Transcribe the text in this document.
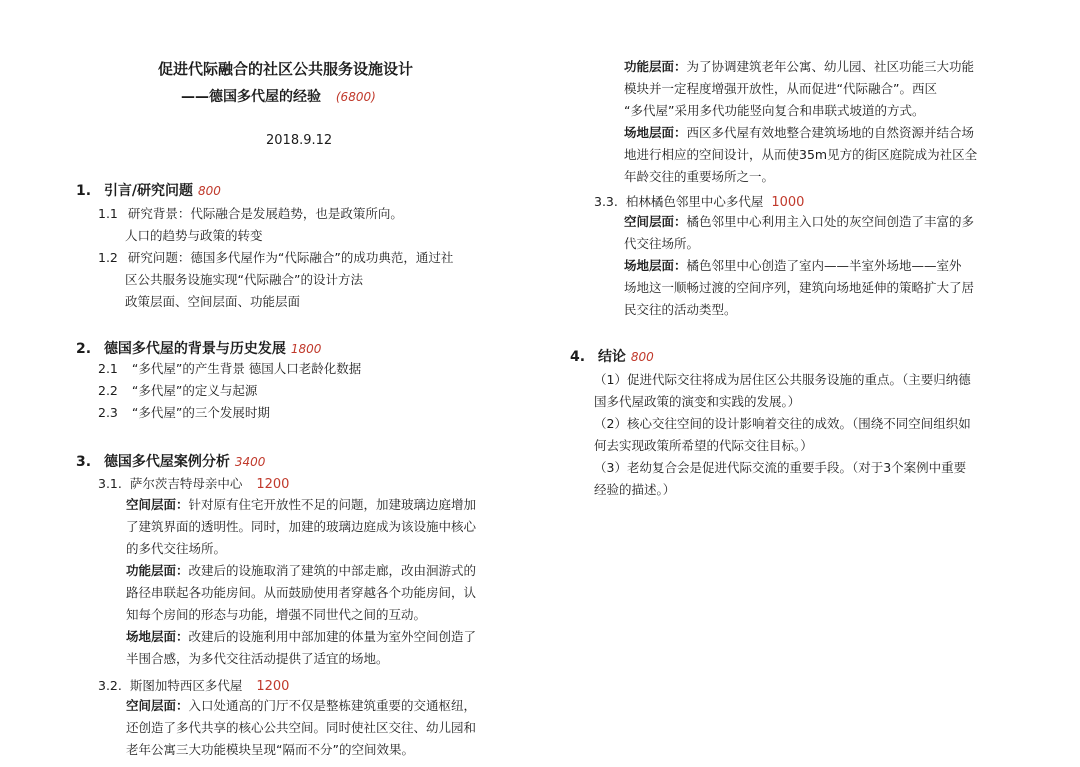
促进代际融合的社区公共服务设施设计
——德国多代屋的经验 (6800)
2018.9.12
1. 引言/研究问题 800
1.1 研究背景：代际融合是发展趋势，也是政策所向。
人口的趋势与政策的转变
1.2 研究问题：德国多代屋作为“代际融合”的成功典范，通过社
区公共服务设施实现“代际融合”的设计方法
政策层面、空间层面、功能层面
2. 德国多代屋的背景与历史发展 1800
2.1 “多代屋”的产生背景 德国人口老龄化数据
2.2 “多代屋”的定义与起源
2.3 “多代屋”的三个发展时期
3. 德国多代屋案例分析 3400
3.1. 萨尔茨吉特母亲中心 1200
空间层面：针对原有住宅开放性不足的问题，加建玻璃边庭增加
了建筑界面的透明性。同时，加建的玻璃边庭成为该设施中核心
的多代交往场所。
功能层面：改建后的设施取消了建筑的中部走廊，改由洄游式的
路径串联起各功能房间。从而鼓励使用者穿越各个功能房间，认
知每个房间的形态与功能，增强不同世代之间的互动。
场地层面：改建后的设施利用中部加建的体量为室外空间创造了
半围合感，为多代交往活动提供了适宜的场地。
3.2. 斯图加特西区多代屋 1200
空间层面：入口处通高的门厅不仅是整栋建筑重要的交通枢纽，
还创造了多代共享的核心公共空间。同时使社区交往、幼儿园和
老年公寓三大功能模块呈现“隔而不分”的空间效果。
功能层面：为了协调建筑老年公寓、幼儿园、社区功能三大功能
模块并一定程度增强开放性，从而促进“代际融合”。西区
“多代屋”采用多代功能竖向复合和串联式坡道的方式。
场地层面：西区多代屋有效地整合建筑场地的自然资源并结合场
地进行相应的空间设计，从而使35m见方的街区庭院成为社区全
年龄交往的重要场所之一。
3.3. 柏林橘色邻里中心多代屋 1000
空间层面：橘色邻里中心利用主入口处的灰空间创造了丰富的多
代交往场所。
场地层面：橘色邻里中心创造了室内——半室外场地——室外
场地这一顺畅过渡的空间序列，建筑向场地延伸的策略扩大了居
民交往的活动类型。
4. 结论 800
（1）促进代际交往将成为居住区公共服务设施的重点。（主要归纳德
国多代屋政策的演变和实践的发展。）
（2）核心交往空间的设计影响着交往的成效。（围绕不同空间组织如
何去实现政策所希望的代际交往目标。）
（3）老幼复合会是促进代际交流的重要手段。（对于3个案例中重要
经验的描述。）
